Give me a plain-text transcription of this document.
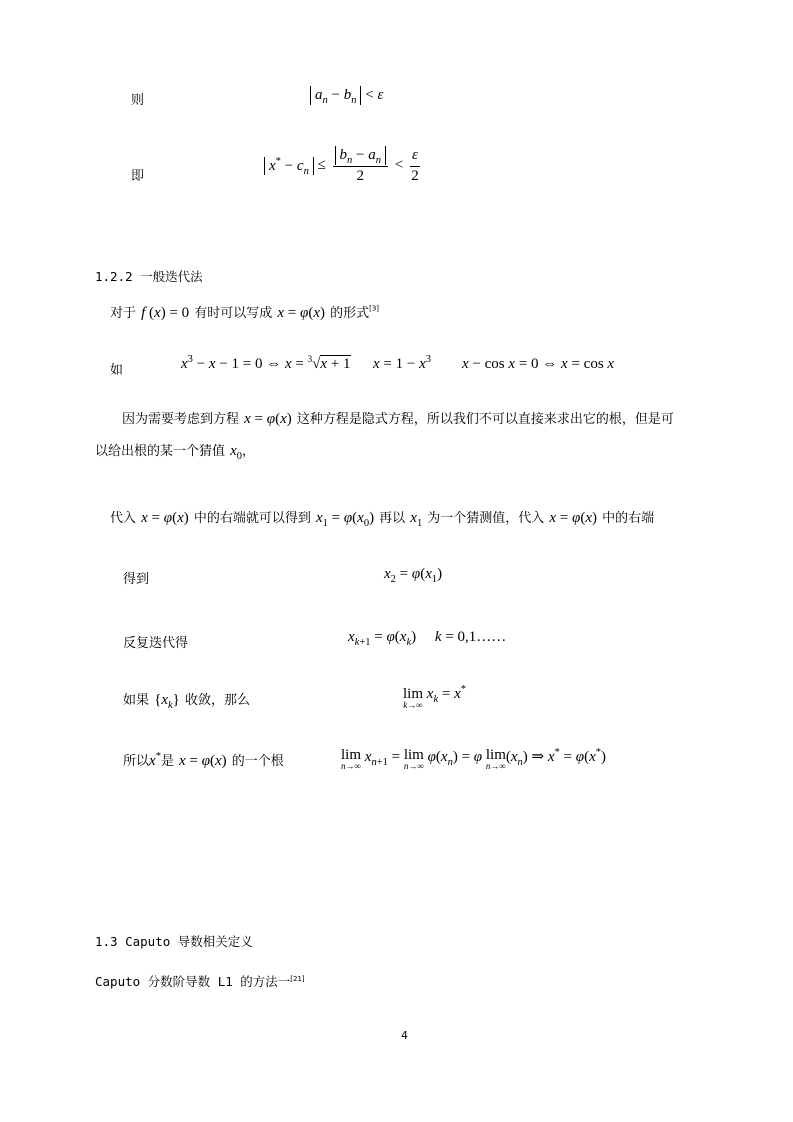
则	$a_n - b_n < \varepsilon$
即
$x^* - c_n \le \frac{b_n - a_n}{2} < \frac{\varepsilon}{2}$
1.2.2 一般迭代法
对于 f (x) = 0 有时可以写成 x = φ(x) 的形式[3]
如	$x^3 - x - 1 = 0$ ⇔ x = $^3$√x + 1 $x = 1 - x^3$ x − cos x = 0 ⇔ x = cos x
因为需要考虑到方程 x = φ(x) 这种方程是隐式方程，所以我们不可以直接来求出它的根，但是可
以给出根的某一个猜值 $x_0$，
代入 x = φ(x) 中的右端就可以得到 $x_1 = \varphi(x_0)$ 再以 $x_1$ 为一个猜测值，代入 x = φ(x) 中的右端
得到	$x_2 = \varphi(x_1)$
反复迭代得	$x_{k+1} = \varphi(x_k)$     k = 0,1……
如果 $\{x_k\}$ 收敛，那么	lim
k→∞
$x_k = x^*$
所以x*是 x = φ(x) 的一个根	lim
n→∞
$x_{n+1} = \lim$
n→∞
$\varphi(x_n) = \varphi$ lim
n→∞
$(x_n)$ ⇒ x* = φ(x*)
1.3 Caputo 导数相关定义
Caputo 分数阶导数 L1 的方法一[21]
4
